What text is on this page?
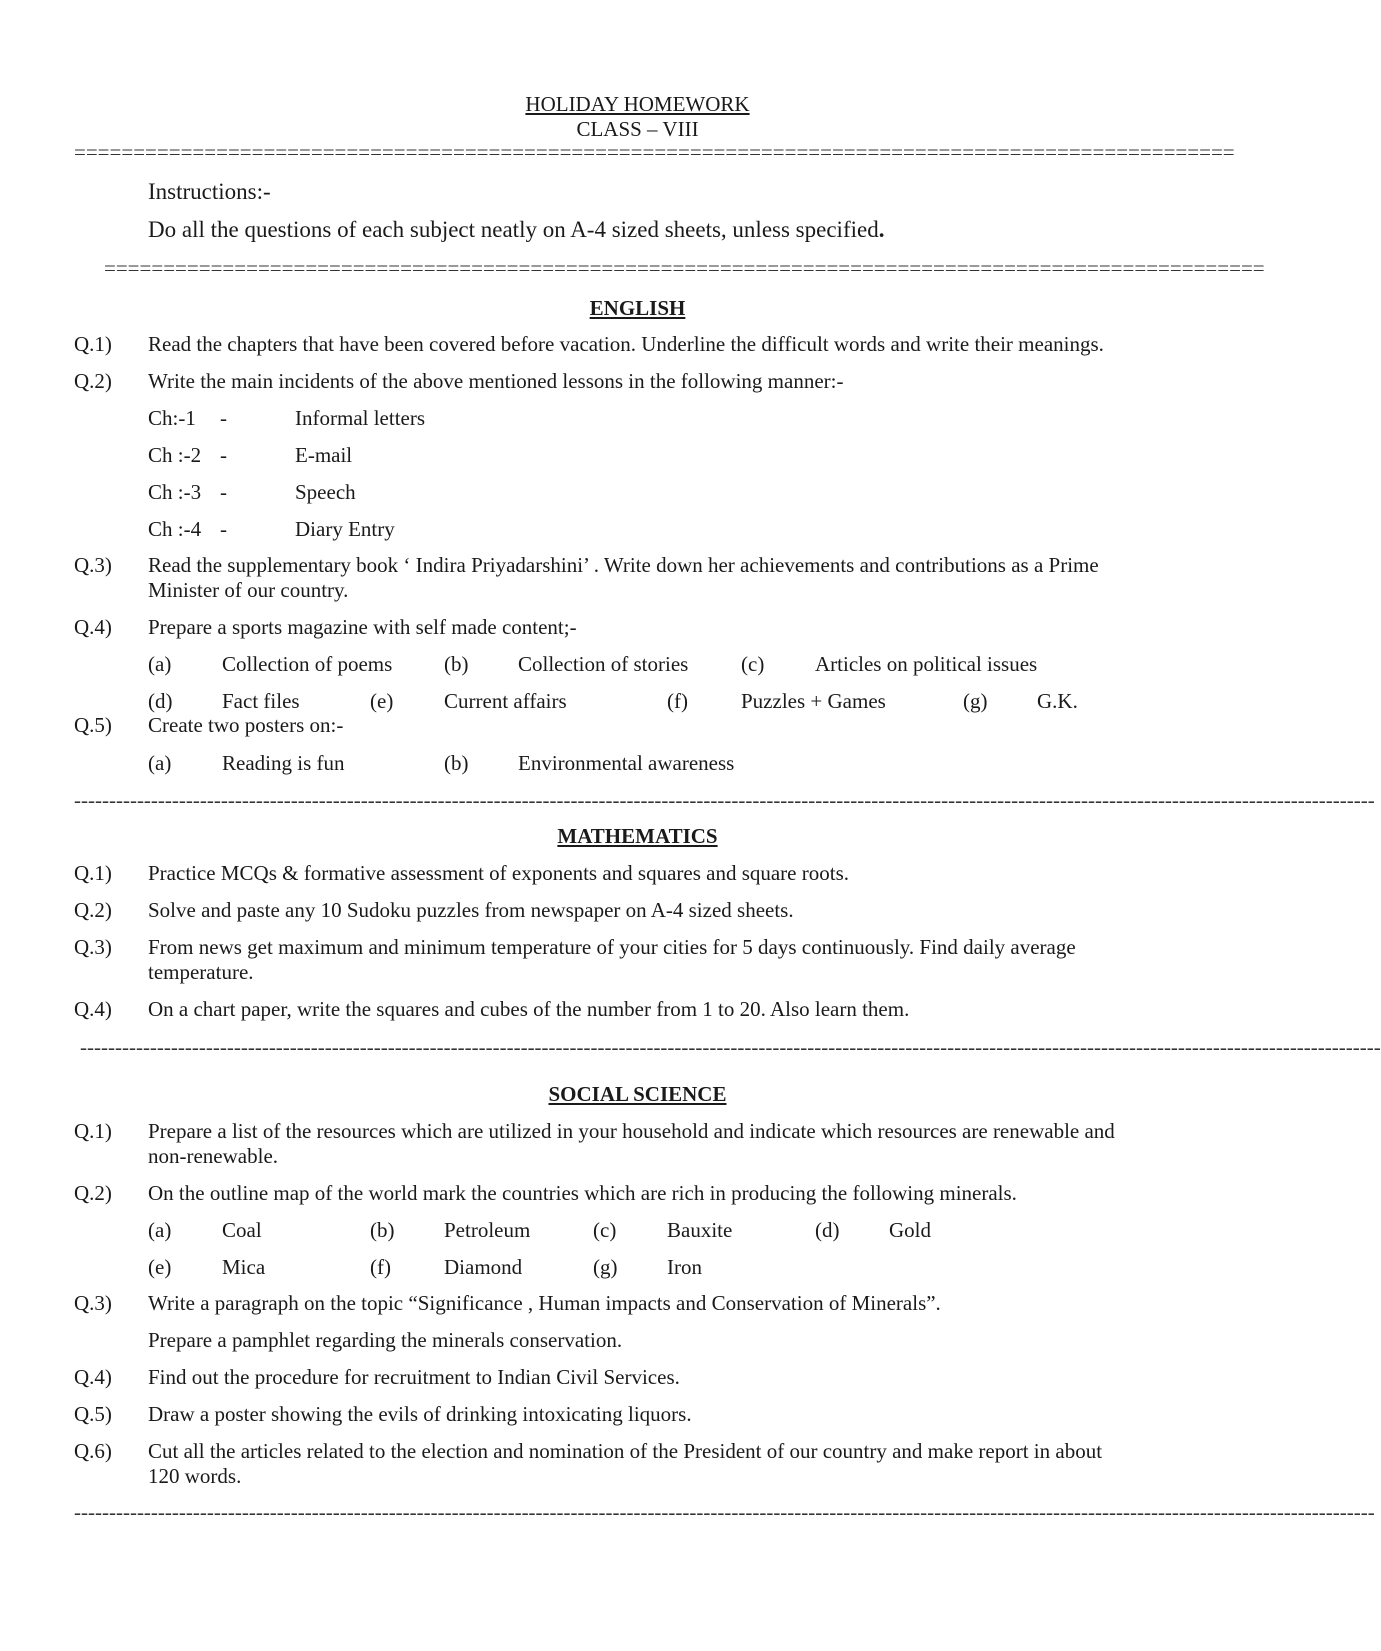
HOLIDAY HOMEWORK
CLASS – VIII
==================================================================================================
Instructions:-
Do all the questions of each subject neatly on A-4 sized sheets, unless specified.
==================================================================================================
ENGLISH
Q.1) Read the chapters that have been covered before vacation. Underline the difficult words and write their meanings.
Q.2) Write the main incidents of the above mentioned lessons in the following manner:-
Ch:-1 -	Informal letters
Ch :-2 -	E-mail
Ch :-3 -	Speech
Ch :-4 -	Diary Entry
Q.3) Read the supplementary book ‘ Indira Priyadarshini’ . Write down her achievements and contributions as a Prime
Minister of our country.
Q.4) Prepare a sports magazine with self made content;-
(a) Collection of poems (b) Collection of stories	(c) Articles on political issues
(d) Fact files	(e) Current affairs	(f)	Puzzles + Games	(g) G.K.
Q.5) Create two posters on:-
(a) Reading is fun	(b) Environmental awareness
------------------------------------------------------------------------------------------------------------------------------------------------------------------------------------------
MATHEMATICS
Q.1) Practice MCQs & formative assessment of exponents and squares and square roots.
Q.2) Solve and paste any 10 Sudoku puzzles from newspaper on A-4 sized sheets.
Q.3) From news get maximum and minimum temperature of your cities for 5 days continuously. Find daily average
temperature.
Q.4) On a chart paper, write the squares and cubes of the number from 1 to 20. Also learn them.
------------------------------------------------------------------------------------------------------------------------------------------------------------------------------------------
SOCIAL SCIENCE
Q.1) Prepare a list of the resources which are utilized in your household and indicate which resources are renewable and
non-renewable.
Q.2) On the outline map of the world mark the countries which are rich in producing the following minerals.
(a) Coal	(b) Petroleum	(c) Bauxite	(d) Gold
(e) Mica	(f)	Diamond	(g) Iron
Q.3) Write a paragraph on the topic “Significance , Human impacts and Conservation of Minerals”.
Prepare a pamphlet regarding the minerals conservation.
Q.4) Find out the procedure for recruitment to Indian Civil Services.
Q.5) Draw a poster showing the evils of drinking intoxicating liquors.
Q.6) Cut all the articles related to the election and nomination of the President of our country and make report in about
120 words.
------------------------------------------------------------------------------------------------------------------------------------------------------------------------------------------
